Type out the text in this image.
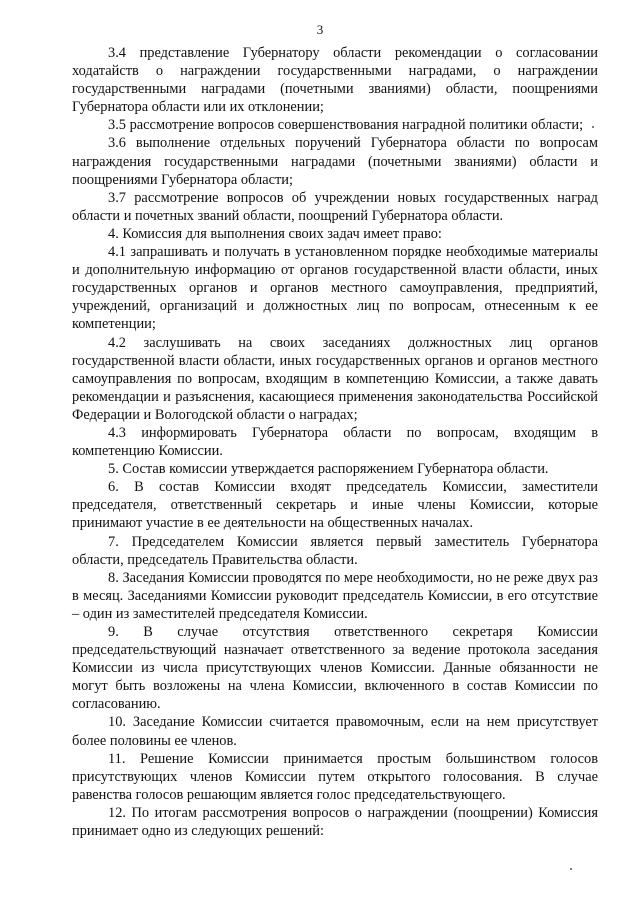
3

3.4 представление Губернатору области рекомендации о согласовании ходатайств о награждении государственными наградами, о награждении государственными наградами (почетными званиями) области, поощрениями Губернатора области или их отклонении;

3.5 рассмотрение вопросов совершенствования наградной политики области;

3.6 выполнение отдельных поручений Губернатора области по вопросам награждения государственными наградами (почетными званиями) области и поощрениями Губернатора области;

3.7 рассмотрение вопросов об учреждении новых государственных наград области и почетных званий области, поощрений Губернатора области.

4. Комиссия для выполнения своих задач имеет право:

4.1 запрашивать и получать в установленном порядке необходимые материалы и дополнительную информацию от органов государственной власти области, иных государственных органов и органов местного самоуправления, предприятий, учреждений, организаций и должностных лиц по вопросам, отнесенным к ее компетенции;

4.2 заслушивать на своих заседаниях должностных лиц органов государственной власти области, иных государственных органов и органов местного самоуправления по вопросам, входящим в компетенцию Комиссии, а также давать рекомендации и разъяснения, касающиеся применения законодательства Российской Федерации и Вологодской области о наградах;

4.3 информировать Губернатора области по вопросам, входящим в компетенцию Комиссии.

5. Состав комиссии утверждается распоряжением Губернатора области.

6. В состав Комиссии входят председатель Комиссии, заместители председателя, ответственный секретарь и иные члены Комиссии, которые принимают участие в ее деятельности на общественных началах.

7. Председателем Комиссии является первый заместитель Губернатора области, председатель Правительства области.

8. Заседания Комиссии проводятся по мере необходимости, но не реже двух раз в месяц. Заседаниями Комиссии руководит председатель Комиссии, в его отсутствие – один из заместителей председателя Комиссии.

9. В случае отсутствия ответственного секретаря Комиссии председательствующий назначает ответственного за ведение протокола заседания Комиссии из числа присутствующих членов Комиссии. Данные обязанности не могут быть возложены на члена Комиссии, включенного в состав Комиссии по согласованию.

10. Заседание Комиссии считается правомочным, если на нем присутствует более половины ее членов.

11. Решение Комиссии принимается простым большинством голосов присутствующих членов Комиссии путем открытого голосования. В случае равенства голосов решающим является голос председательствующего.

12. По итогам рассмотрения вопросов о награждении (поощрении) Комиссия принимает одно из следующих решений:
